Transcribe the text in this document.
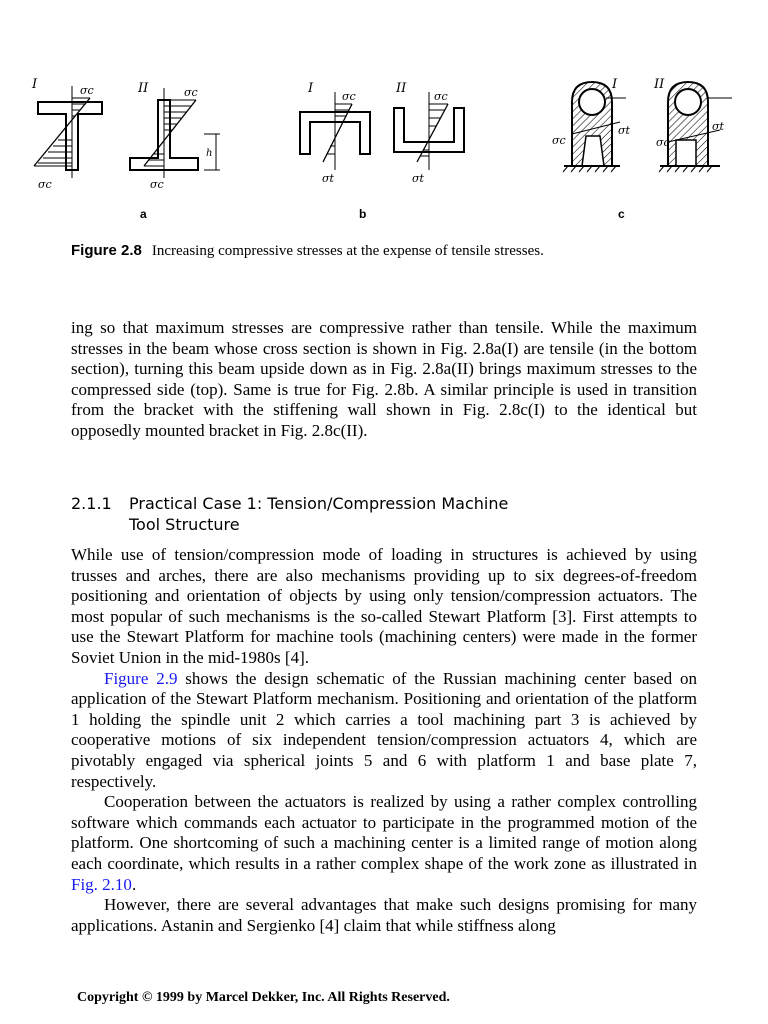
I	σc
σc
II
h
σc
σc
I
σc
σt
II
σc
σt
I
σc
σt
II
σc
σt
a	b	c
Figure 2.8 Increasing compressive stresses at the expense of tensile stresses.

ing so that maximum stresses are compressive rather than tensile. While the maximum stresses in the beam whose cross section is shown in Fig. 2.8a(I) are tensile (in the bottom section), turning this beam upside down as in Fig. 2.8a(II) brings maximum stresses to the compressed side (top). Same is true for Fig. 2.8b. A similar principle is used in transition from the bracket with the stiffening wall shown in Fig. 2.8c(I) to the identical but opposedly mounted bracket in Fig. 2.8c(II).

2.1.1 Practical Case 1: Tension/Compression Machine
Tool Structure

While use of tension/compression mode of loading in structures is achieved by using trusses and arches, there are also mechanisms providing up to six degrees-of-freedom positioning and orientation of objects by using only tension/compression actuators. The most popular of such mechanisms is the so-called Stewart Platform [3]. First attempts to use the Stewart Platform for machine tools (machining centers) were made in the former Soviet Union in the mid-1980s [4].

Figure 2.9 shows the design schematic of the Russian machining center based on application of the Stewart Platform mechanism. Positioning and orientation of the platform 1 holding the spindle unit 2 which carries a tool machining part 3 is achieved by cooperative motions of six independent tension/compression actuators 4, which are pivotably engaged via spherical joints 5 and 6 with platform 1 and base plate 7, respectively.

Cooperation between the actuators is realized by using a rather complex controlling software which commands each actuator to participate in the programmed motion of the platform. One shortcoming of such a machining center is a limited range of motion along each coordinate, which results in a rather complex shape of the work zone as illustrated in Fig. 2.10.

However, there are several advantages that make such designs promising for many applications. Astanin and Sergienko [4] claim that while stiffness along

Copyright © 1999 by Marcel Dekker, Inc. All Rights Reserved.
